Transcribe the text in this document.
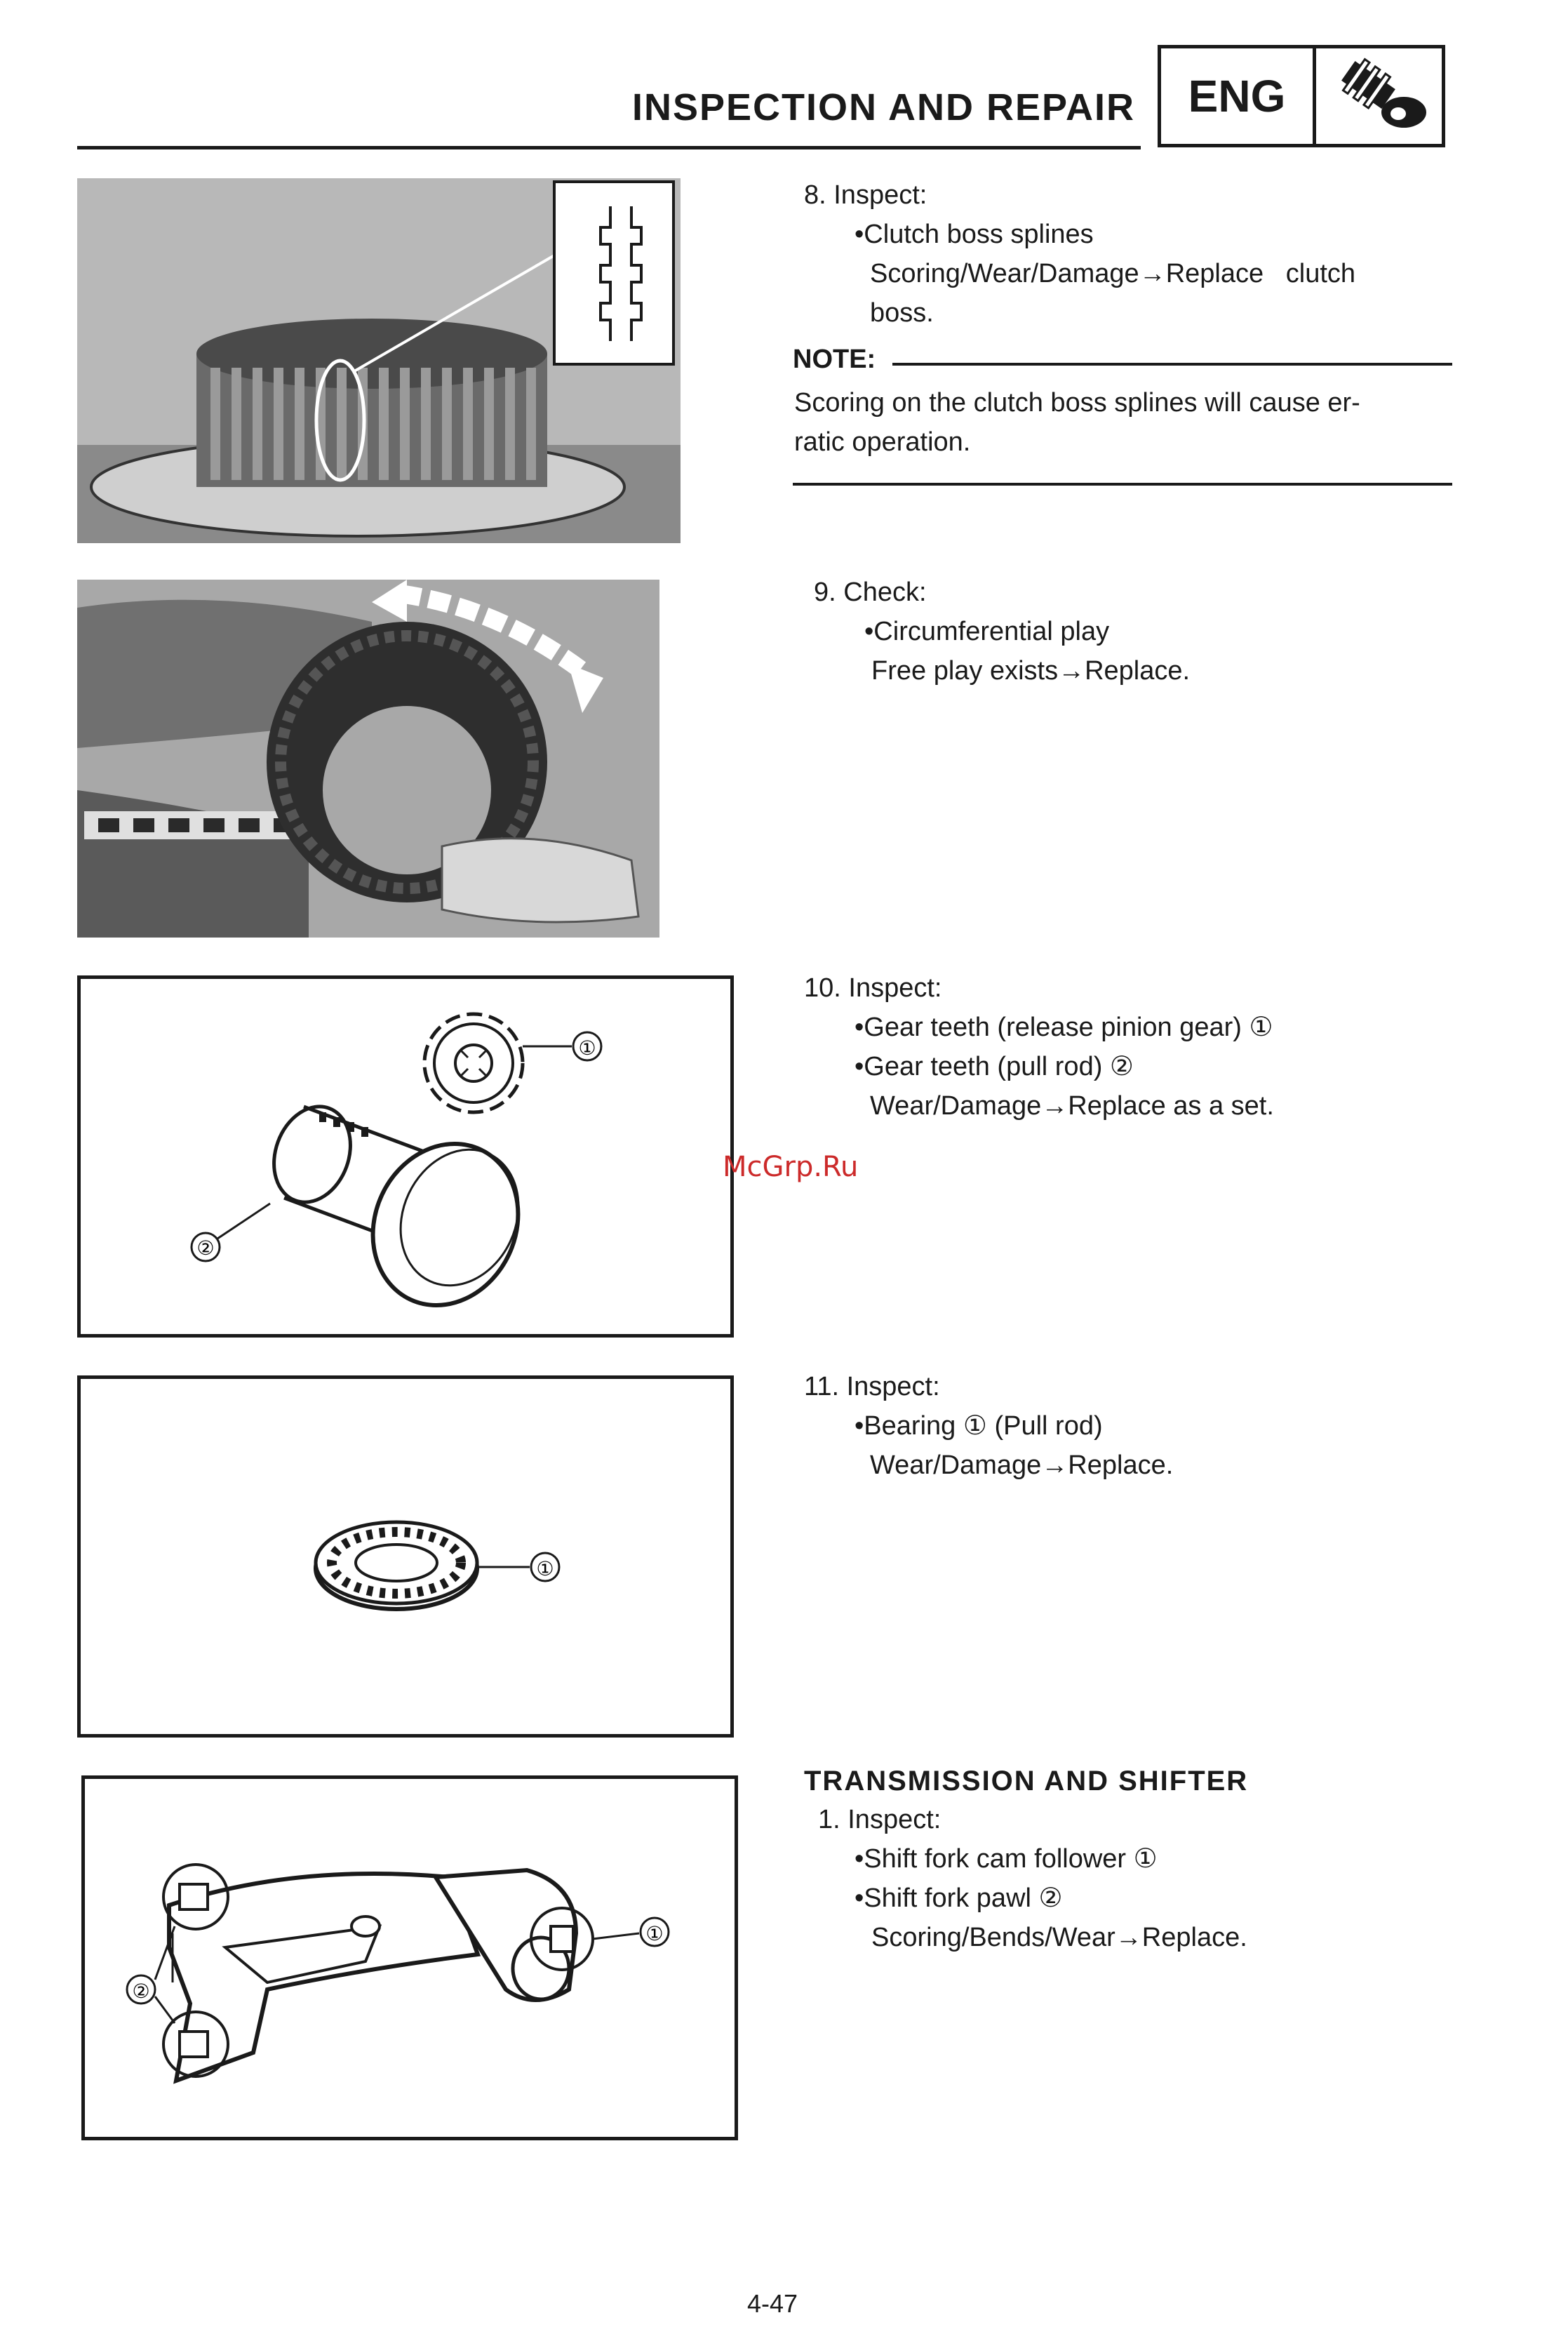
INSPECTION AND REPAIR	ENG
8. Inspect:
•Clutch boss splines
Scoring/Wear/Damage→Replace   clutch
boss.
NOTE:
Scoring on the clutch boss splines will cause er-
ratic operation.
9. Check:
•Circumferential play
Free play exists→Replace.
①
②
10. Inspect:
•Gear teeth (release pinion gear) ①
•Gear teeth (pull rod) ②
Wear/Damage→Replace as a set.
McGrp.Ru
①
11. Inspect:
•Bearing ① (Pull rod)
Wear/Damage→Replace.
①
②
TRANSMISSION AND SHIFTER
1. Inspect:
•Shift fork cam follower ①
•Shift fork pawl ②
Scoring/Bends/Wear→Replace.
4-47
